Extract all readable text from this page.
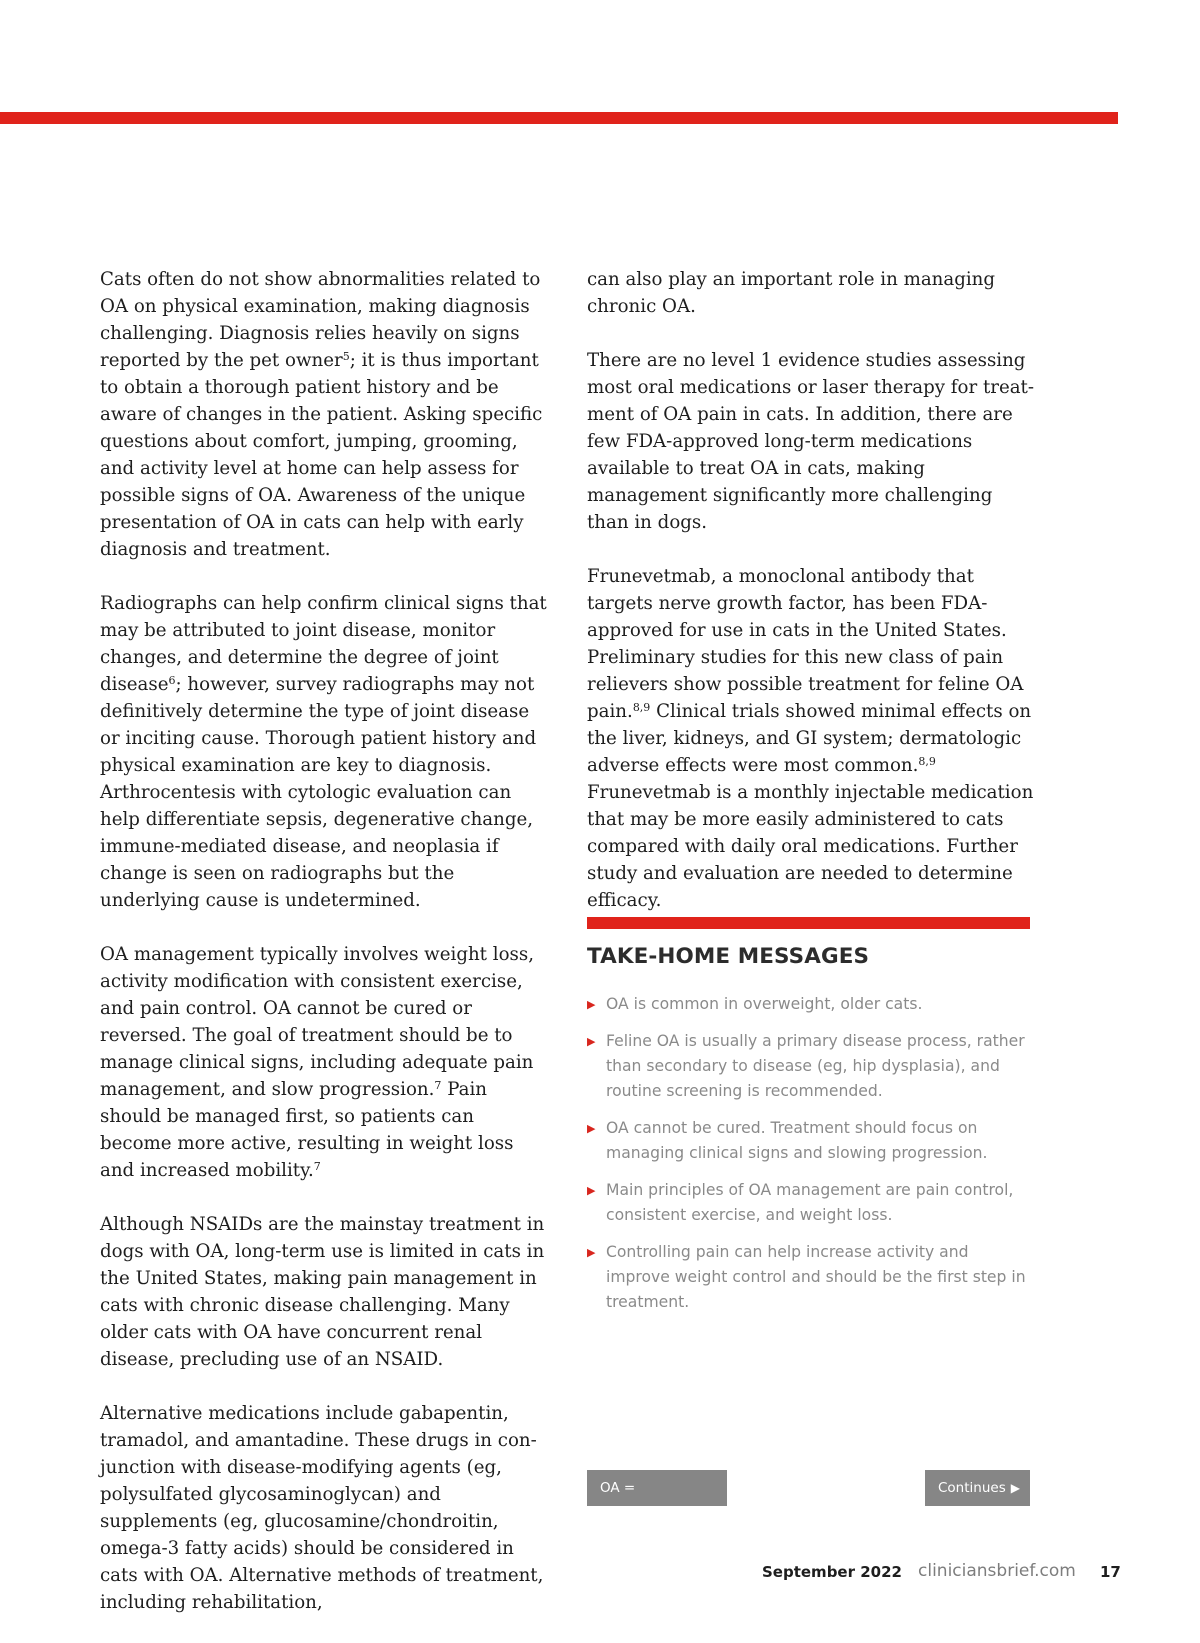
Cats often do not show abnormalities related to OA on physical examination, making diagnosis challenging. Diagnosis relies heavily on signs reported by the pet owner$^5$; it is thus important to obtain a thorough patient history and be aware of changes in the patient. Asking specific questions about comfort, jumping, grooming, and activity level at home can help assess for possible signs of OA. Awareness of the unique presentation of OA in cats can help with early diagnosis and treatment.

Radiographs can help confirm clinical signs that may be attributed to joint disease, monitor changes, and determine the degree of joint disease$^6$; however, survey radiographs may not definitively determine the type of joint disease or inciting cause. Thorough patient history and physical examination are key to diagnosis. Arthrocentesis with cytologic evaluation can help differentiate sepsis, degenerative change, immune-mediated disease, and neoplasia if change is seen on radiographs but the underlying cause is undetermined.

OA management typically involves weight loss, activity modification with consistent exercise, and pain control. OA cannot be cured or reversed. The goal of treatment should be to manage clinical signs, including adequate pain management, and slow progression.$^7$ Pain should be managed first, so patients can become more active, resulting in weight loss and increased mobility.$^7$

Although NSAIDs are the mainstay treatment in dogs with OA, long-term use is limited in cats in the United States, making pain management in cats with chronic disease challenging. Many older cats with OA have concurrent renal disease, precluding use of an NSAID.

Alternative medications include gabapentin, tramadol, and amantadine. These drugs in conjunction with disease-modifying agents (eg, polysulfated glycosaminoglycan) and supplements (eg, glucosamine/chondroitin, omega-3 fatty acids) should be considered in cats with OA. Alternative methods of treatment, including rehabilitation,

can also play an important role in managing chronic OA.

There are no level 1 evidence studies assessing most oral medications or laser therapy for treatment of OA pain in cats. In addition, there are few FDA-approved long-term medications available to treat OA in cats, making management significantly more challenging than in dogs.

Frunevetmab, a monoclonal antibody that targets nerve growth factor, has been FDA-approved for use in cats in the United States. Preliminary studies for this new class of pain relievers show possible treatment for feline OA pain.$^{8,9}$ Clinical trials showed minimal effects on the liver, kidneys, and GI system; dermatologic adverse effects were most common.$^{8,9}$ Frunevetmab is a monthly injectable medication that may be more easily administered to cats compared with daily oral medications. Further study and evaluation are needed to determine efficacy.

TAKE-HOME MESSAGES
▶ OA is common in overweight, older cats.
▶ Feline OA is usually a primary disease process, rather than secondary to disease (eg, hip dysplasia), and routine screening is recommended.
▶ OA cannot be cured. Treatment should focus on managing clinical signs and slowing progression.
▶ Main principles of OA management are pain control, consistent exercise, and weight loss.
▶ Controlling pain can help increase activity and improve weight control and should be the first step in treatment.
OA = osteoarthritis
Continues ▶
September 2022 cliniciansbrief.com 17
